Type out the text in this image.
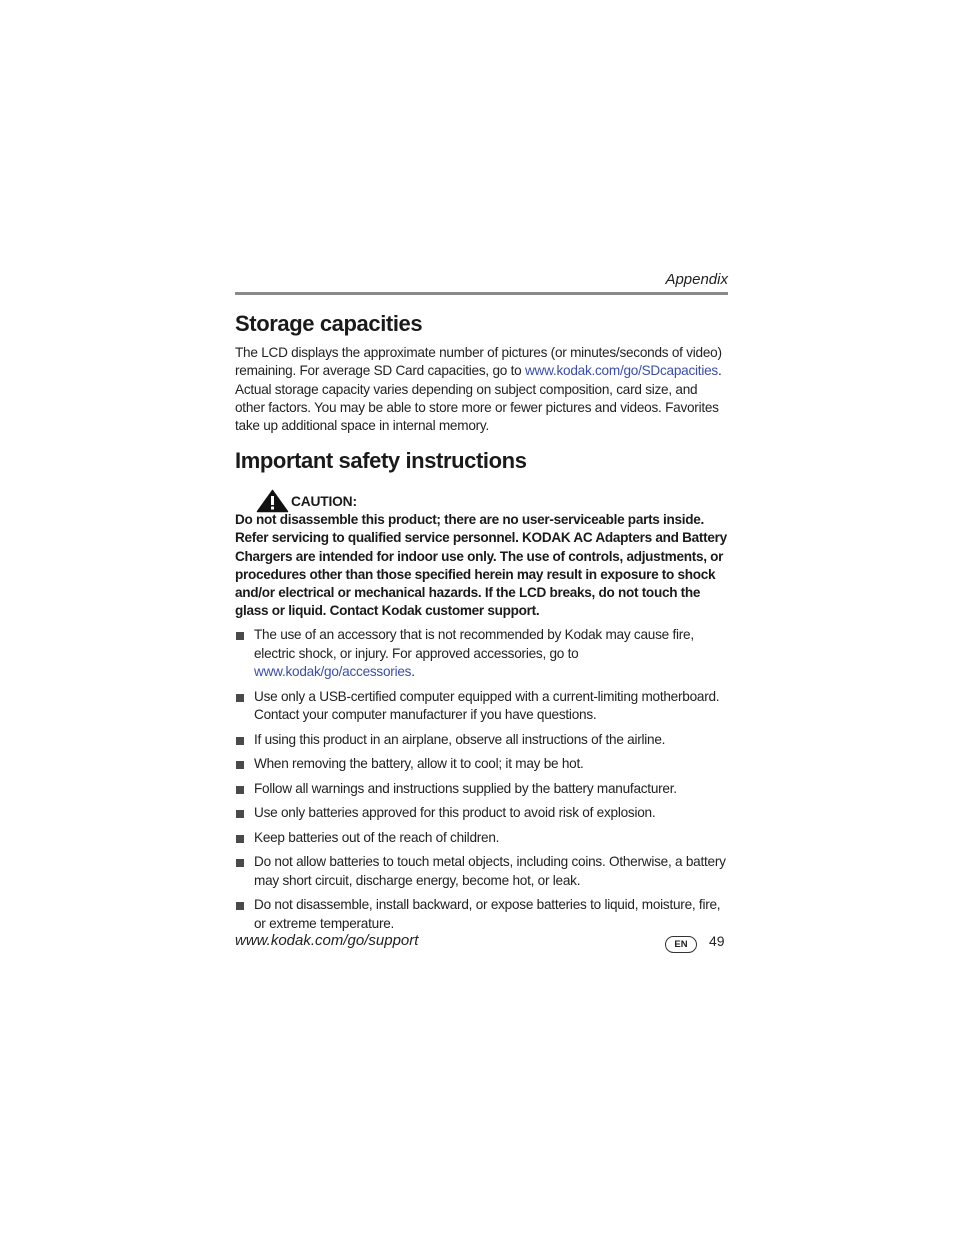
Appendix
Storage capacities

The LCD displays the approximate number of pictures (or minutes/seconds of video) remaining. For average SD Card capacities, go to www.kodak.com/go/SDcapacities. Actual storage capacity varies depending on subject composition, card size, and other factors. You may be able to store more or fewer pictures and videos. Favorites take up additional space in internal memory.

Important safety instructions
CAUTION:

Do not disassemble this product; there are no user-serviceable parts inside. Refer servicing to qualified service personnel. KODAK AC Adapters and Battery Chargers are intended for indoor use only. The use of controls, adjustments, or procedures other than those specified herein may result in exposure to shock and/or electrical or mechanical hazards. If the LCD breaks, do not touch the glass or liquid. Contact Kodak customer support.

The use of an accessory that is not recommended by Kodak may cause fire, electric shock, or injury. For approved accessories, go to www.kodak/go/accessories.
Use only a USB-certified computer equipped with a current-limiting motherboard. Contact your computer manufacturer if you have questions.
If using this product in an airplane, observe all instructions of the airline.
When removing the battery, allow it to cool; it may be hot.
Follow all warnings and instructions supplied by the battery manufacturer.
Use only batteries approved for this product to avoid risk of explosion.
Keep batteries out of the reach of children.
Do not allow batteries to touch metal objects, including coins. Otherwise, a battery may short circuit, discharge energy, become hot, or leak.
Do not disassemble, install backward, or expose batteries to liquid, moisture, fire, or extreme temperature.
www.kodak.com/go/support	EN	49
